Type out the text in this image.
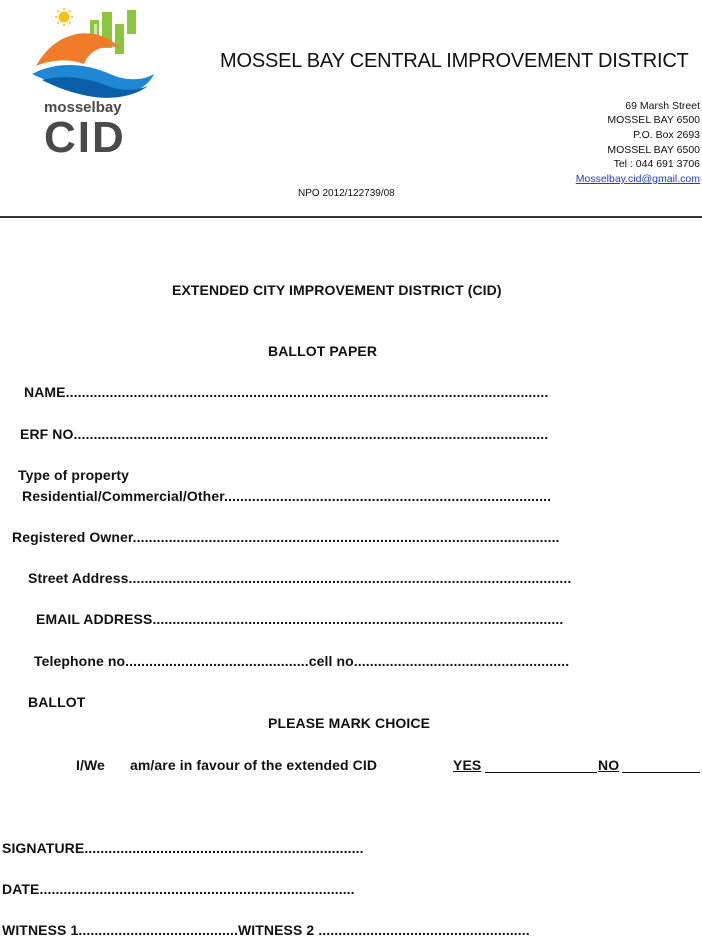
mosselbay
CID
MOSSEL BAY CENTRAL IMPROVEMENT DISTRICT
69 Marsh Street
MOSSEL BAY 6500
P.O. Box 2693
MOSSEL BAY 6500
Tel : 044 691 3706
Mosselbay.cid@gmail.com
NPO 2012/122739/08
EXTENDED CITY IMPROVEMENT DISTRICT (CID)
BALLOT PAPER
NAME.........................................................................................................................
ERF NO.......................................................................................................................
Type of property
Residential/Commercial/Other..................................................................................
Registered Owner...........................................................................................................
Street Address...............................................................................................................
EMAIL ADDRESS.......................................................................................................
Telephone no..............................................cell no......................................................
BALLOT
PLEASE MARK CHOICE
I/We am/are in favour of the extended CID	YES	NO
SIGNATURE......................................................................
DATE...............................................................................
WITNESS 1........................................WITNESS 2 .....................................................
